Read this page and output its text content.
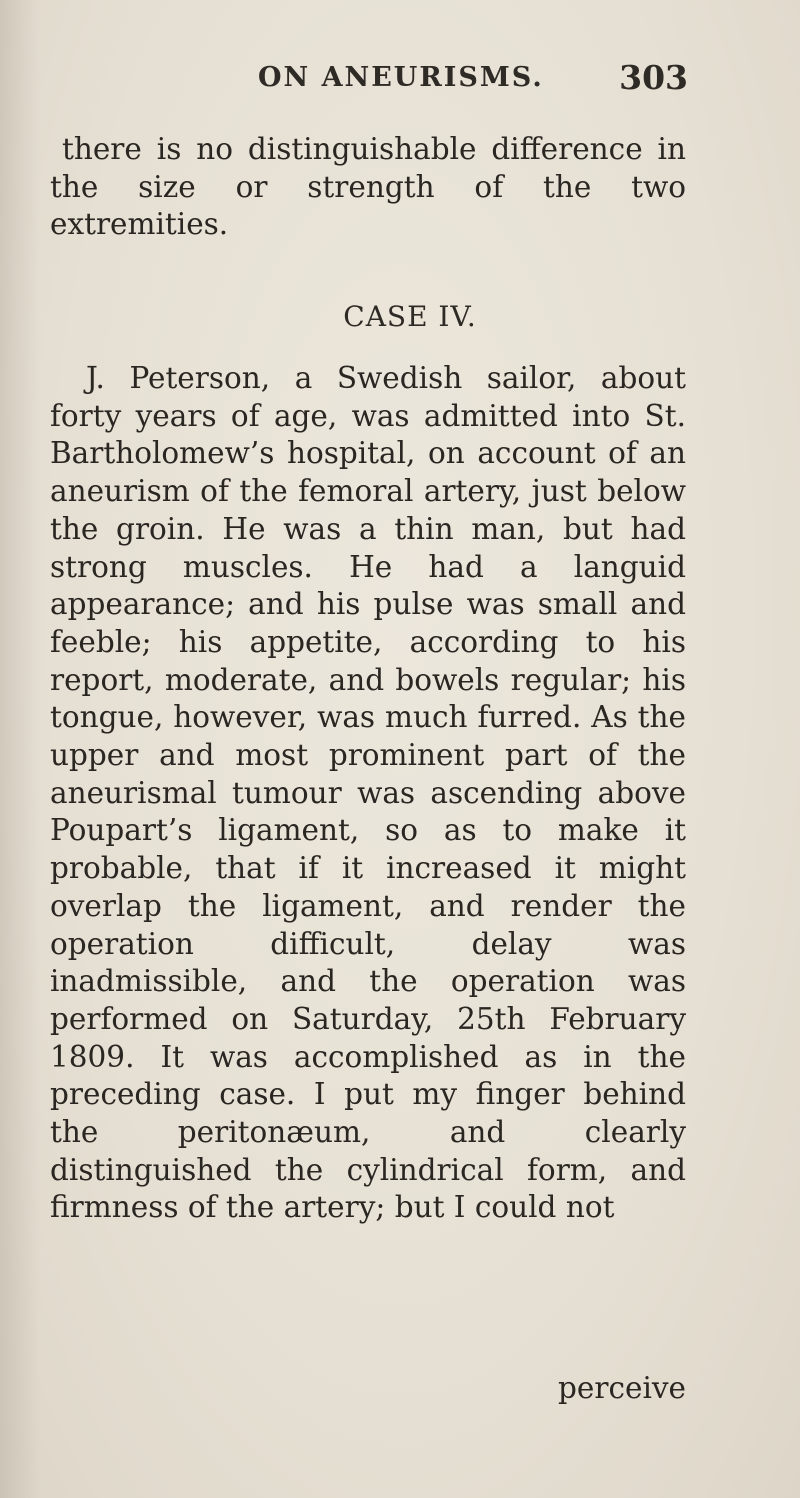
ON ANEURISMS. 303

there is no distinguishable difference in the size or strength of the two extremities.

CASE IV.

J. Peterson, a Swedish sailor, about forty years of age, was admitted into St. Bartholomew’s hospital, on account of an aneurism of the femoral artery, just below the groin. He was a thin man, but had strong muscles. He had a languid appearance; and his pulse was small and feeble; his appetite, according to his report, moderate, and bowels regular; his tongue, however, was much furred. As the upper and most prominent part of the aneurismal tumour was ascending above Poupart’s ligament, so as to make it probable, that if it increased it might overlap the ligament, and render the operation difficult, delay was inadmissible, and the operation was performed on Saturday, 25th February 1809. It was accomplished as in the preceding case. I put my finger behind the peritonæum, and clearly distinguished the cylindrical form, and firmness of the artery; but I could not

perceive
